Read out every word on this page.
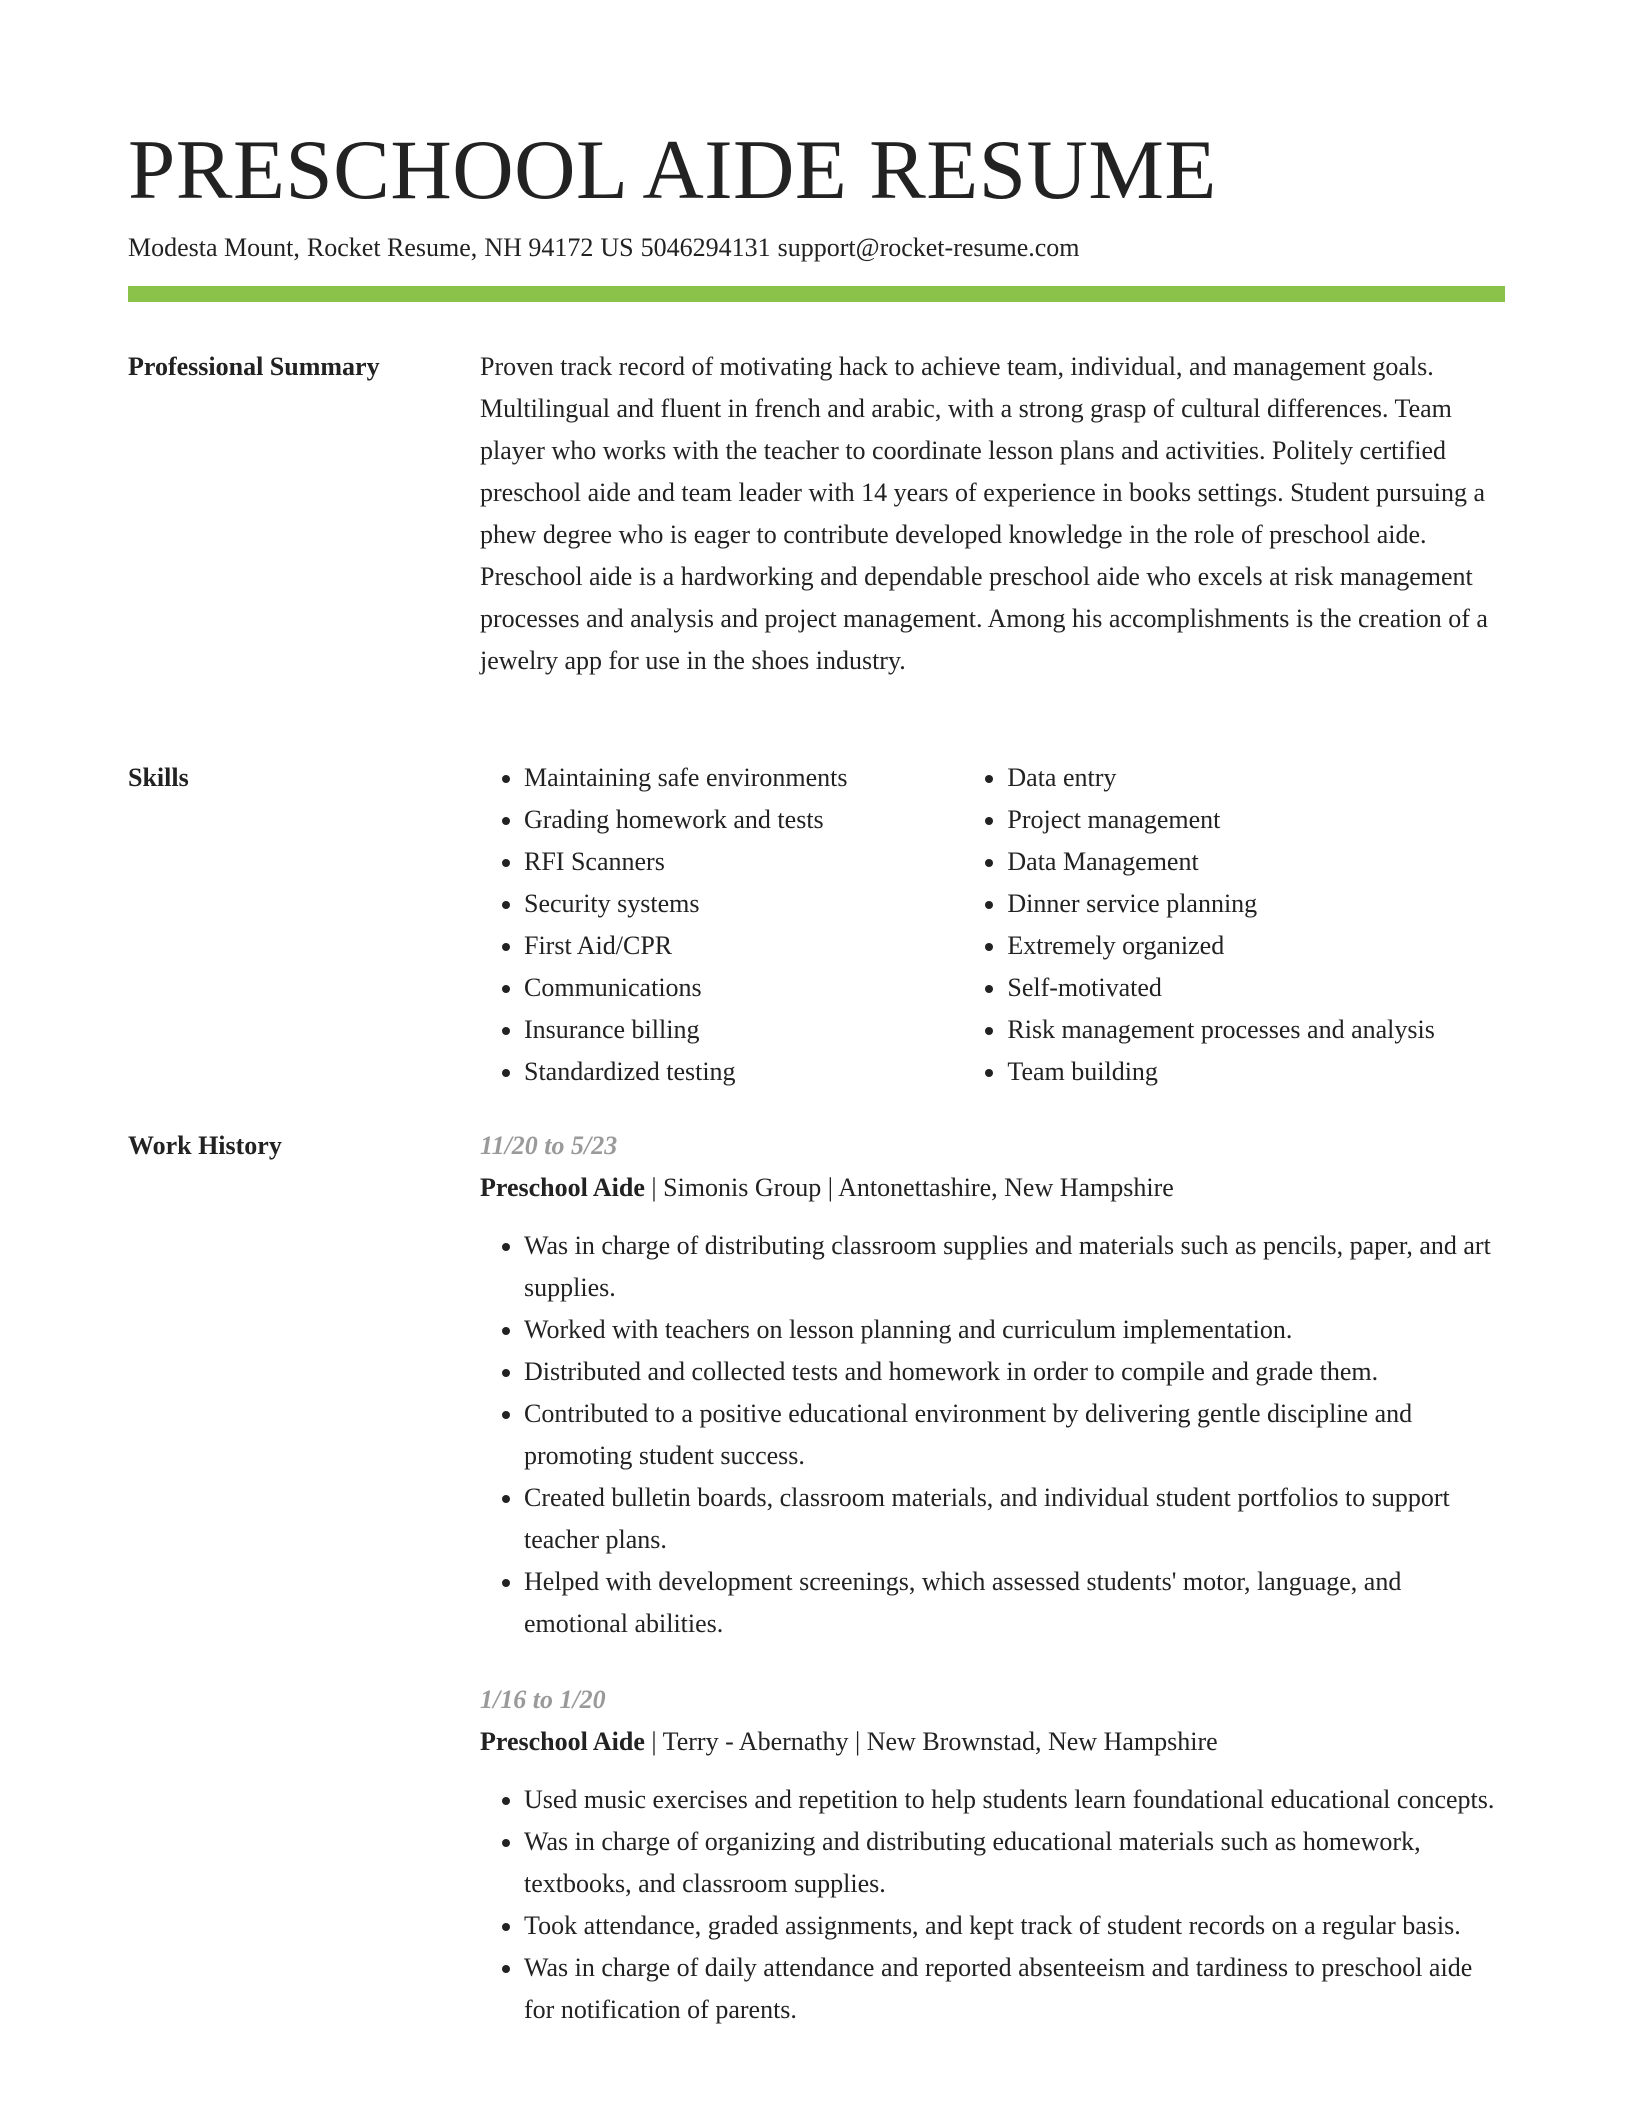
PRESCHOOL AIDE RESUME
Modesta Mount, Rocket Resume, NH 94172 US 5046294131 support@rocket-resume.com
Professional Summary	Proven track record of motivating hack to achieve team, individual, and management goals. Multilingual and fluent in french and arabic, with a strong grasp of cultural differences. Team player who works with the teacher to coordinate lesson plans and activities. Politely certified preschool aide and team leader with 14 years of experience in books settings. Student pursuing a phew degree who is eager to contribute developed knowledge in the role of preschool aide. Preschool aide is a hardworking and dependable preschool aide who excels at risk management processes and analysis and project management. Among his accomplishments is the creation of a jewelry app for use in the shoes industry.

Skills
•	Maintaining safe environments
• Grading homework and tests
• RFI Scanners
• Security systems
• First Aid/CPR
• Communications
• Insurance billing
• Standardized testing
• Data entry
• Project management
• Data Management
• Dinner service planning
• Extremely organized
• Self-motivated
• Risk management processes and analysis
• Team building
Work History	11/20 to 5/23
Preschool Aide | Simonis Group | Antonettashire, New Hampshire
• Was in charge of distributing classroom supplies and materials such as pencils, paper, and art supplies.
• Worked with teachers on lesson planning and curriculum implementation.
• Distributed and collected tests and homework in order to compile and grade them.
• Contributed to a positive educational environment by delivering gentle discipline and promoting student success.
• Created bulletin boards, classroom materials, and individual student portfolios to support teacher plans.
• Helped with development screenings, which assessed students' motor, language, and emotional abilities.
1/16 to 1/20
Preschool Aide | Terry - Abernathy | New Brownstad, New Hampshire
• Used music exercises and repetition to help students learn foundational educational concepts.
• Was in charge of organizing and distributing educational materials such as homework, textbooks, and classroom supplies.
• Took attendance, graded assignments, and kept track of student records on a regular basis.
• Was in charge of daily attendance and reported absenteeism and tardiness to preschool aide for notification of parents.
